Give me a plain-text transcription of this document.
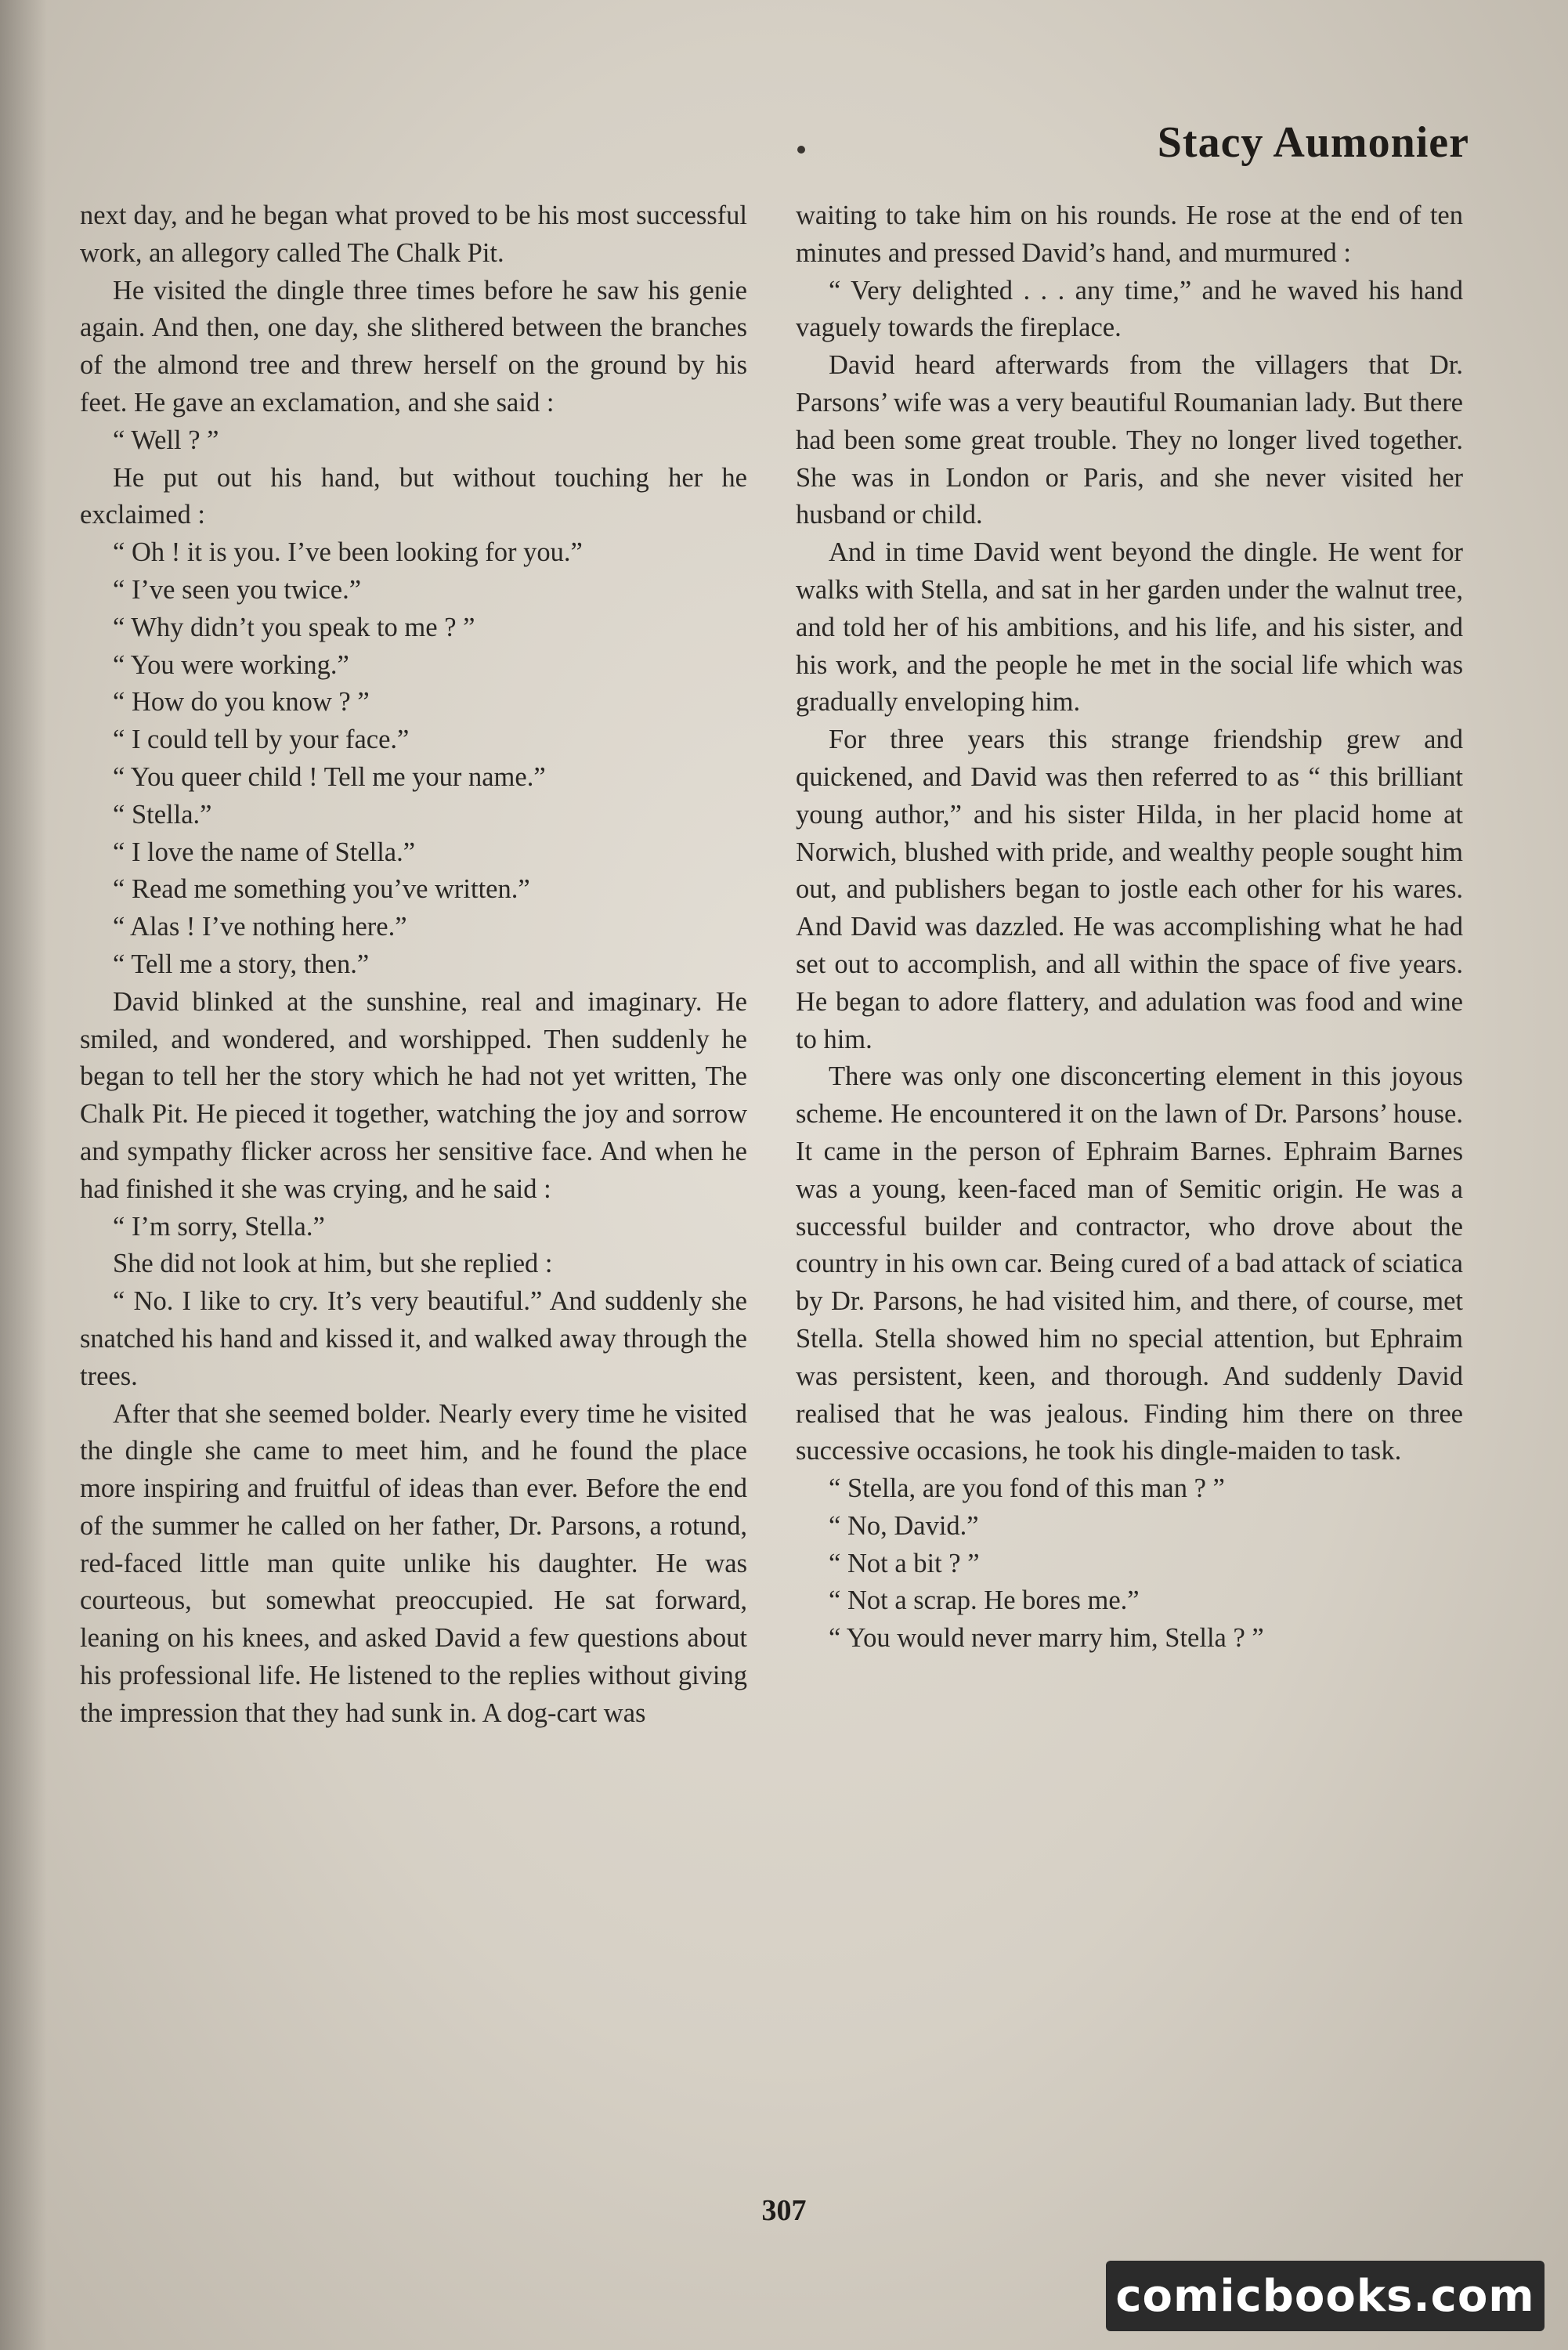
Stacy Aumonier

next day, and he began what proved to be his most successful work, an allegory called The Chalk Pit.

He visited the dingle three times before he saw his genie again. And then, one day, she slithered between the branches of the almond tree and threw herself on the ground by his feet. He gave an exclamation, and she said :

“ Well ? ”

He put out his hand, but without touching her he exclaimed :

“ Oh ! it is you. I’ve been looking for you.”

“ I’ve seen you twice.”

“ Why didn’t you speak to me ? ”

“ You were working.”

“ How do you know ? ”

“ I could tell by your face.”

“ You queer child ! Tell me your name.”

“ Stella.”

“ I love the name of Stella.”

“ Read me something you’ve written.”

“ Alas ! I’ve nothing here.”

“ Tell me a story, then.”

David blinked at the sunshine, real and imaginary. He smiled, and wondered, and worshipped. Then suddenly he began to tell her the story which he had not yet written, The Chalk Pit. He pieced it together, watching the joy and sorrow and sympathy flicker across her sensitive face. And when he had finished it she was crying, and he said :

“ I’m sorry, Stella.”

She did not look at him, but she replied :

“ No. I like to cry. It’s very beautiful.” And suddenly she snatched his hand and kissed it, and walked away through the trees.

After that she seemed bolder. Nearly every time he visited the dingle she came to meet him, and he found the place more inspiring and fruitful of ideas than ever. Before the end of the summer he called on her father, Dr. Parsons, a rotund, red-faced little man quite unlike his daughter. He was courteous, but somewhat preoccupied. He sat forward, leaning on his knees, and asked David a few questions about his professional life. He listened to the replies without giving the impression that they had sunk in. A dog-cart was

waiting to take him on his rounds. He rose at the end of ten minutes and pressed David’s hand, and murmured :

“ Very delighted . . . any time,” and he waved his hand vaguely towards the fireplace.

David heard afterwards from the villagers that Dr. Parsons’ wife was a very beautiful Roumanian lady. But there had been some great trouble. They no longer lived together. She was in London or Paris, and she never visited her husband or child.

And in time David went beyond the dingle. He went for walks with Stella, and sat in her garden under the walnut tree, and told her of his ambitions, and his life, and his sister, and his work, and the people he met in the social life which was gradually enveloping him.

For three years this strange friendship grew and quickened, and David was then referred to as “ this brilliant young author,” and his sister Hilda, in her placid home at Norwich, blushed with pride, and wealthy people sought him out, and publishers began to jostle each other for his wares. And David was dazzled. He was accomplishing what he had set out to accomplish, and all within the space of five years. He began to adore flattery, and adulation was food and wine to him.

There was only one disconcerting element in this joyous scheme. He encountered it on the lawn of Dr. Parsons’ house. It came in the person of Ephraim Barnes. Ephraim Barnes was a young, keen-faced man of Semitic origin. He was a successful builder and contractor, who drove about the country in his own car. Being cured of a bad attack of sciatica by Dr. Parsons, he had visited him, and there, of course, met Stella. Stella showed him no special attention, but Ephraim was persistent, keen, and thorough. And suddenly David realised that he was jealous. Finding him there on three successive occasions, he took his dingle-maiden to task.

“ Stella, are you fond of this man ? ”

“ No, David.”

“ Not a bit ? ”

“ Not a scrap. He bores me.”

“ You would never marry him, Stella ? ”

307
comicbooks.com
